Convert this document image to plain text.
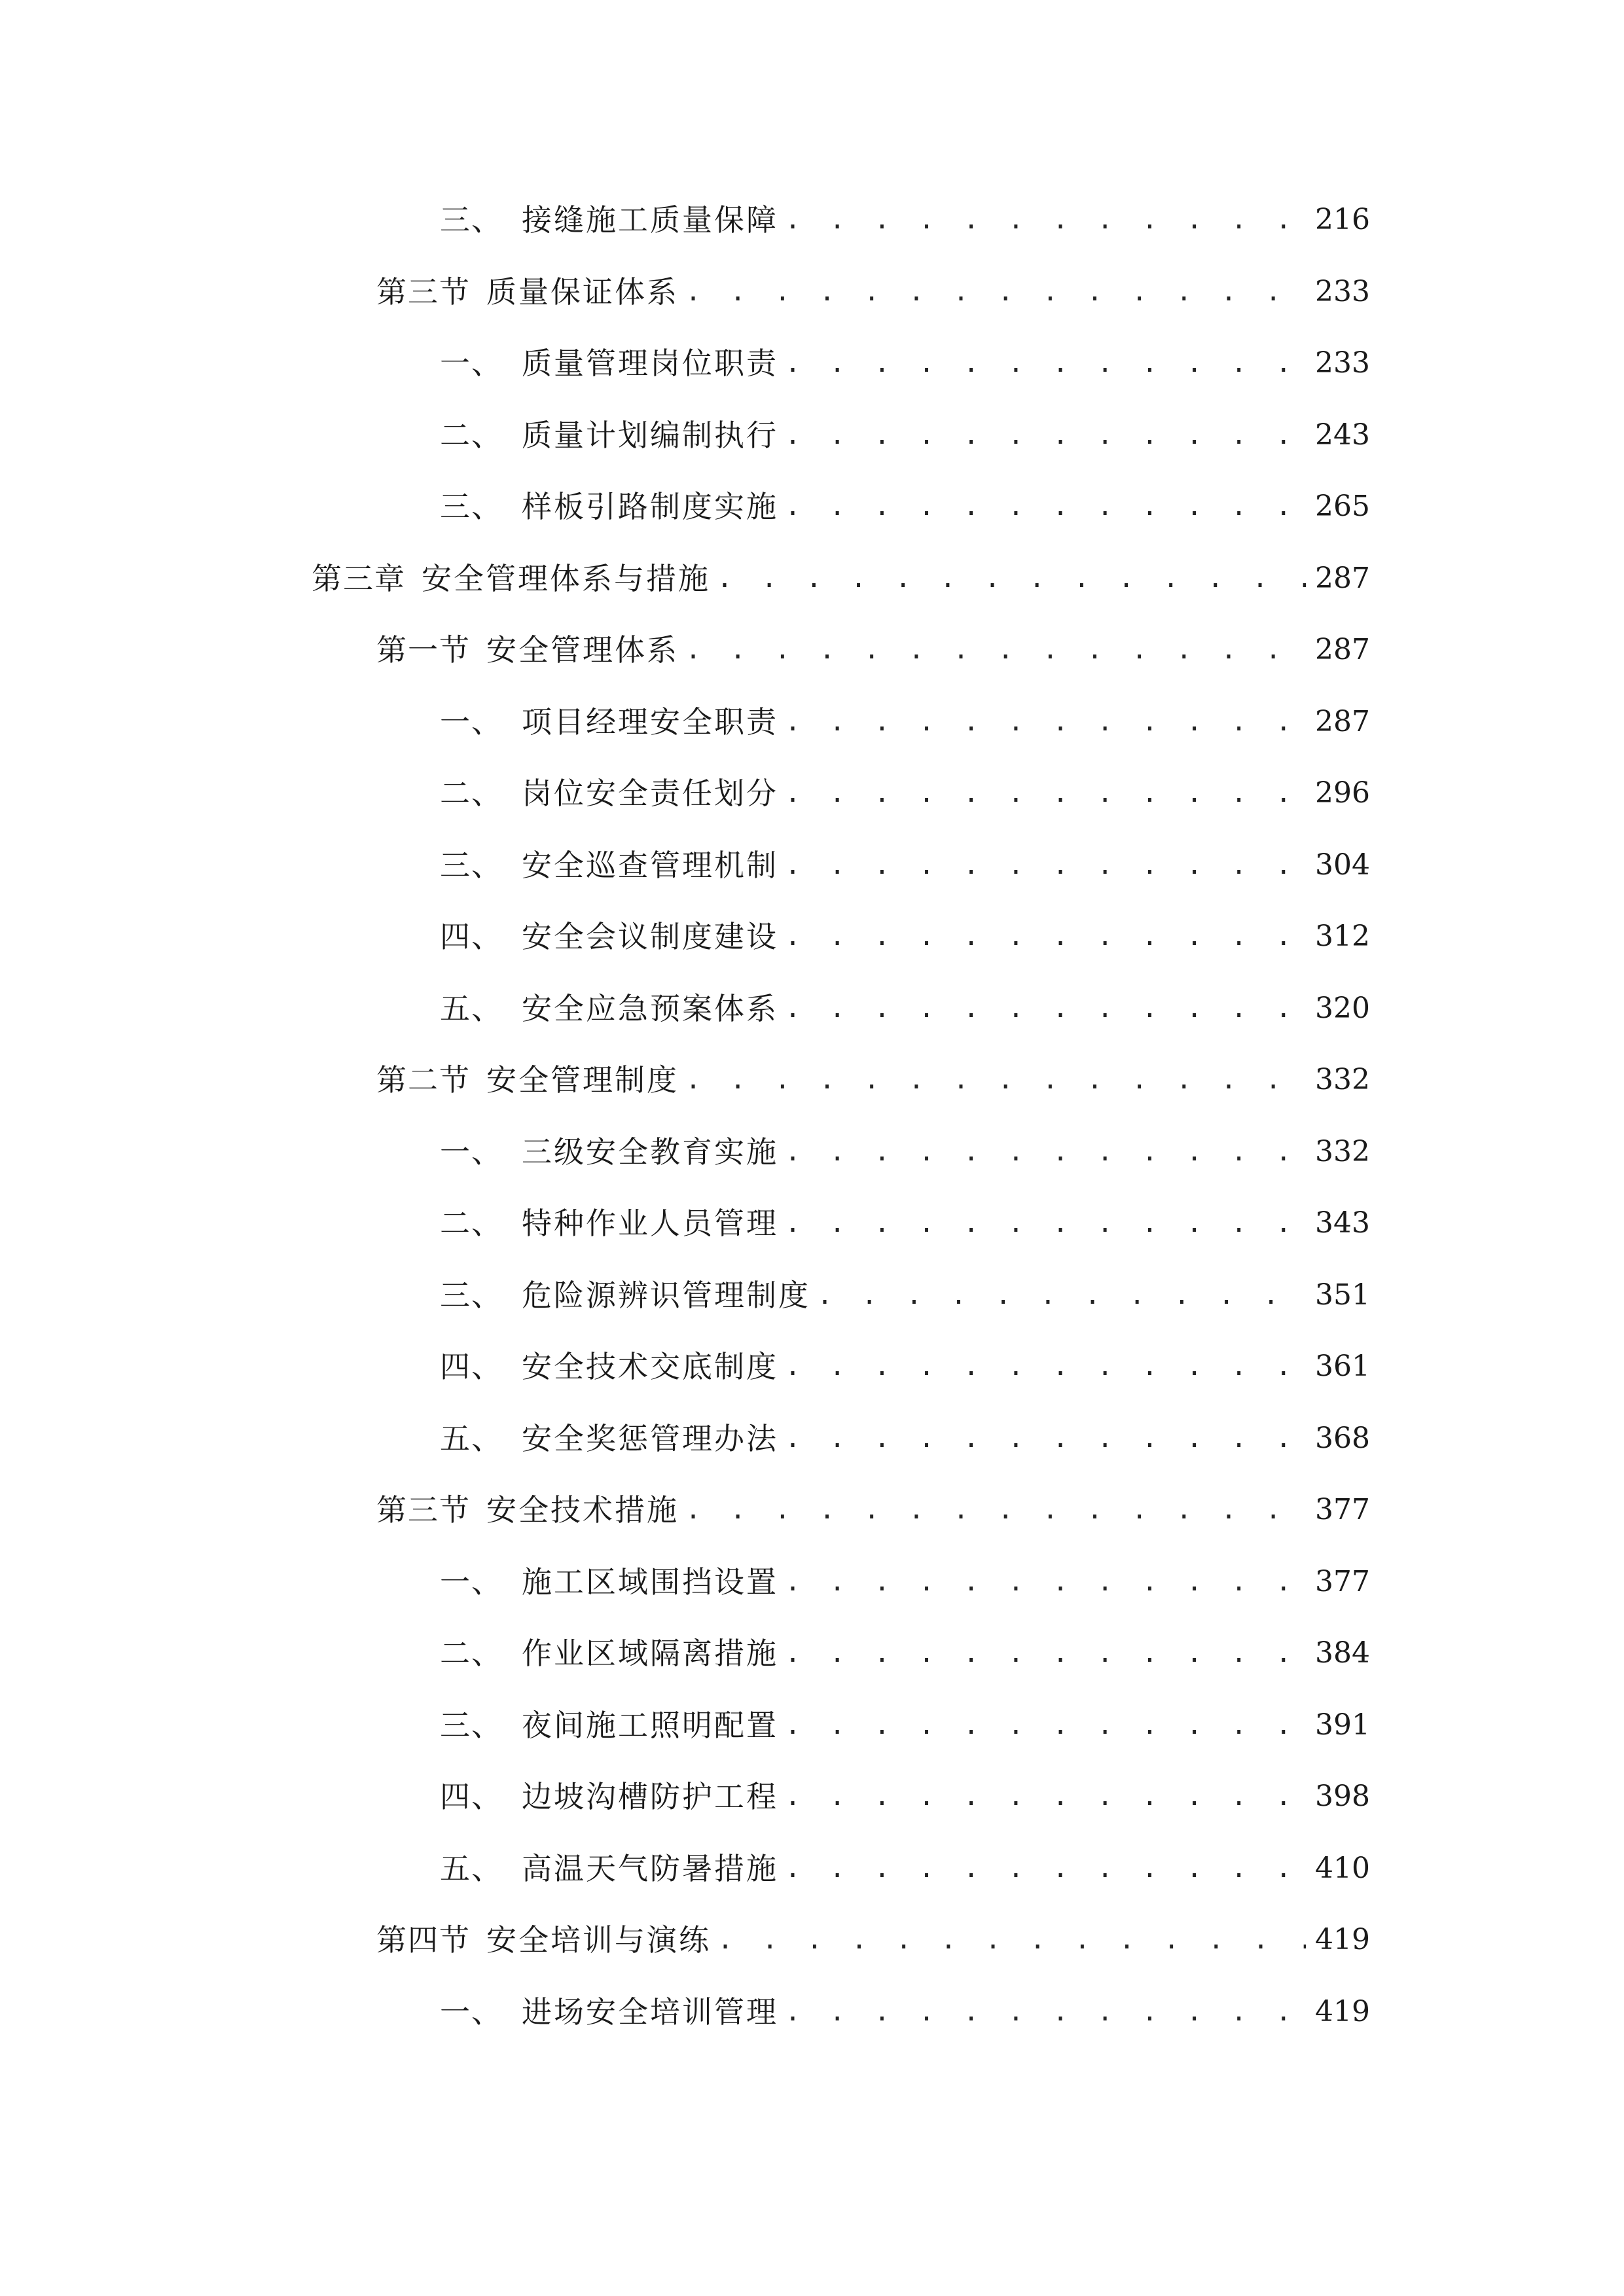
三、 接缝施工质量保障 . . .	216
第三节 质量保证体系 . . .	233
一、 质量管理岗位职责 . . .	233
二、 质量计划编制执行 . . .	243
三、 样板引路制度实施 . . .	265
第三章 安全管理体系与措施 . . .	287
第一节 安全管理体系 . . .	287
一、 项目经理安全职责 . . .	287
二、 岗位安全责任划分 . . .	296
三、 安全巡查管理机制 . . .	304
四、 安全会议制度建设 . . .	312
五、 安全应急预案体系 . . .	320
第二节 安全管理制度 . . .	332
一、 三级安全教育实施 . . .	332
二、 特种作业人员管理 . . .	343
三、 危险源辨识管理制度 . . .	351
四、 安全技术交底制度 . . .	361
五、 安全奖惩管理办法 . . .	368
第三节 安全技术措施 . . .	377
一、 施工区域围挡设置 . . .	377
二、 作业区域隔离措施 . . .	384
三、 夜间施工照明配置 . . .	391
四、 边坡沟槽防护工程 . . .	398
五、 高温天气防暑措施 . . .	410
第四节 安全培训与演练 . . .	419
一、 进场安全培训管理 . . .	419
